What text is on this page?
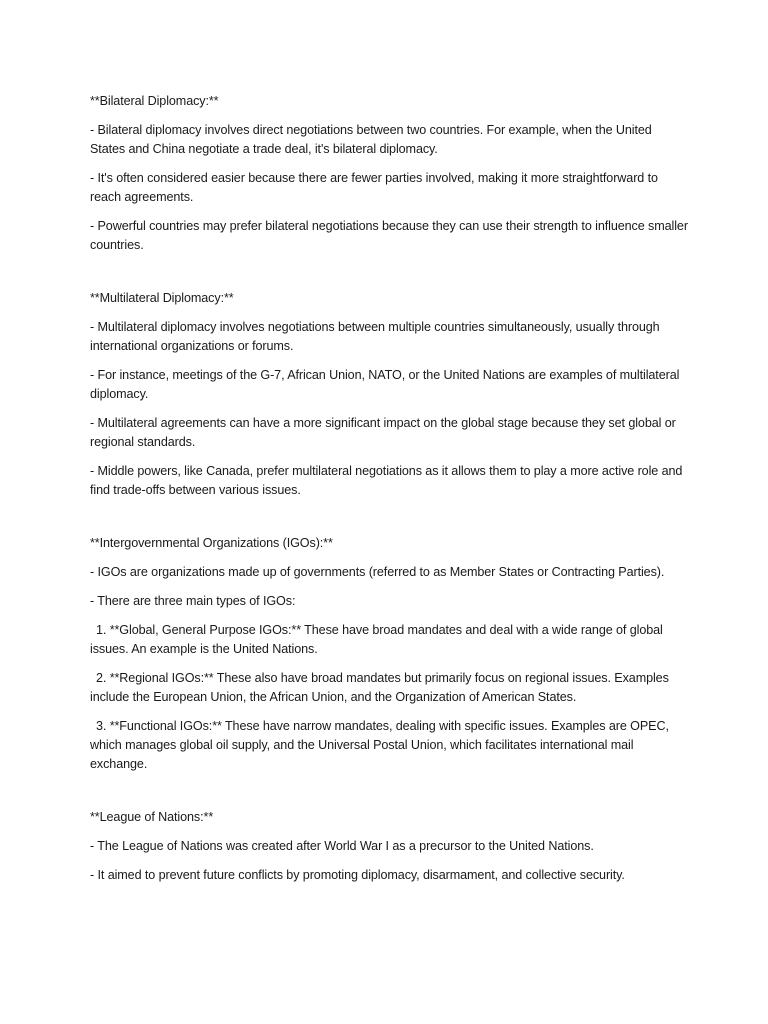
**Bilateral Diplomacy:**

- Bilateral diplomacy involves direct negotiations between two countries. For example, when the United States and China negotiate a trade deal, it's bilateral diplomacy.

- It's often considered easier because there are fewer parties involved, making it more straightforward to reach agreements.

- Powerful countries may prefer bilateral negotiations because they can use their strength to influence smaller countries.

**Multilateral Diplomacy:**

- Multilateral diplomacy involves negotiations between multiple countries simultaneously, usually through international organizations or forums.

- For instance, meetings of the G-7, African Union, NATO, or the United Nations are examples of multilateral diplomacy.

- Multilateral agreements can have a more significant impact on the global stage because they set global or regional standards.

- Middle powers, like Canada, prefer multilateral negotiations as it allows them to play a more active role and find trade-offs between various issues.

**Intergovernmental Organizations (IGOs):**

- IGOs are organizations made up of governments (referred to as Member States or Contracting Parties).

- There are three main types of IGOs:

1. **Global, General Purpose IGOs:** These have broad mandates and deal with a wide range of global issues. An example is the United Nations.

2. **Regional IGOs:** These also have broad mandates but primarily focus on regional issues. Examples include the European Union, the African Union, and the Organization of American States.

3. **Functional IGOs:** These have narrow mandates, dealing with specific issues. Examples are OPEC, which manages global oil supply, and the Universal Postal Union, which facilitates international mail exchange.

**League of Nations:**

- The League of Nations was created after World War I as a precursor to the United Nations.

- It aimed to prevent future conflicts by promoting diplomacy, disarmament, and collective security.
